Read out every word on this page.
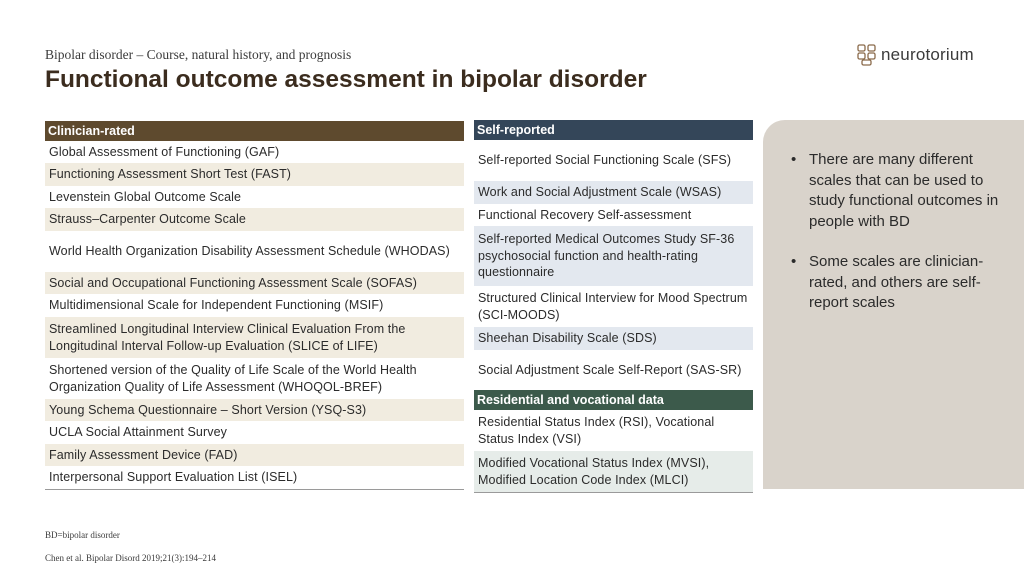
Bipolar disorder – Course, natural history, and prognosis
Functional outcome assessment in bipolar disorder
neurotorium
Clinician-rated
Global Assessment of Functioning (GAF)
Functioning Assessment Short Test (FAST)
Levenstein Global Outcome Scale
Strauss–Carpenter Outcome Scale
World Health Organization Disability Assessment Schedule (WHODAS)
Social and Occupational Functioning Assessment Scale (SOFAS)
Multidimensional Scale for Independent Functioning (MSIF)
Streamlined Longitudinal Interview Clinical Evaluation From the Longitudinal Interval Follow-up Evaluation (SLICE of LIFE)
Shortened version of the Quality of Life Scale of the World Health Organization Quality of Life Assessment (WHOQOL-BREF)
Young Schema Questionnaire – Short Version (YSQ-S3)
UCLA Social Attainment Survey
Family Assessment Device (FAD)
Interpersonal Support Evaluation List (ISEL)
Self-reported
Self-reported Social Functioning Scale (SFS)
Work and Social Adjustment Scale (WSAS)
Functional Recovery Self-assessment
Self-reported Medical Outcomes Study SF-36 psychosocial function and health-rating questionnaire
Structured Clinical Interview for Mood Spectrum (SCI-MOODS)
Sheehan Disability Scale (SDS)
Social Adjustment Scale Self-Report (SAS-SR)
Residential and vocational data
Residential Status Index (RSI), Vocational Status Index (VSI)
Modified Vocational Status Index (MVSI), Modified Location Code Index (MLCI)
• There are many different scales that can be used to study functional outcomes in people with BD
• Some scales are clinician-rated, and others are self-report scales
BD=bipolar disorder
Chen et al. Bipolar Disord 2019;21(3):194–214
